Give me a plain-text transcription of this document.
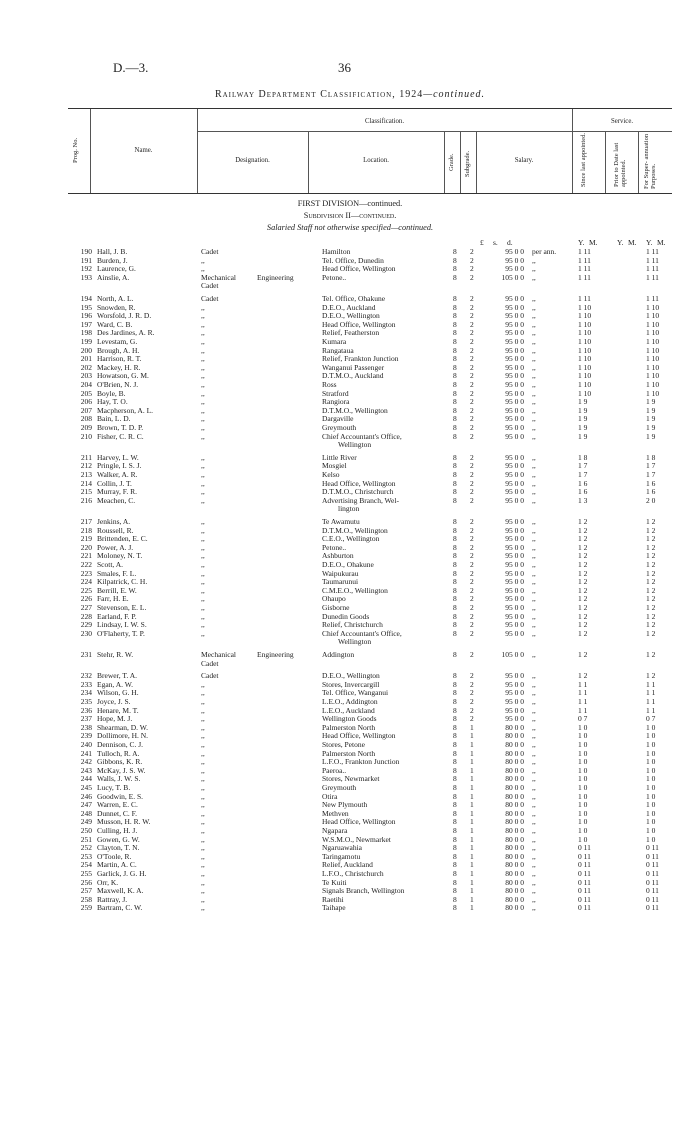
D.—3.	36
Railway Department Classification, 1924—continued.
Prog. No.	Name.
Classification.	Service.
Designation.	Location.	Grade. Subgrade.	Salary.	Since last appointed.	Prior to Date last appointed. For Super- annuation Purposes.
FIRST DIVISION—continued.
Subdivision II—continued.
Salaried Staff not otherwise specified—continued.
£ s. d.	Y. M.	Y. M. Y. M.
190 Hall, J. B.	Cadet	Hamilton	8 2	95 0 0 per ann.	1 11	1 11
191 Burden, J.	,,	Tel. Office, Dunedin	8 2	95 0 0 ,,	1 11	1 11
192 Laurence, G.	,,	Head Office, Wellington	8 2	95 0 0 ,,	1 11	1 11
193 Ainslie, A.	Mechanical	Engineering	Petone..	8 2	105 0 0 ,,	1 11	1 11
Cadet
194 North, A. L.	Cadet	Tel. Office, Ohakune	8 2	95 0 0 ,,	1 11	1 11
195 Snowden, R.	,,	D.E.O., Auckland	8 2	95 0 0 ,,	1 10	1 10
196 Worsfold, J. R. D.	,,	D.E.O., Wellington	8 2	95 0 0 ,,	1 10	1 10
197 Ward, C. B.	,,	Head Office, Wellington	8 2	95 0 0 ,,	1 10	1 10
198 Des Jardines, A. R.	,,	Relief, Featherston	8 2	95 0 0 ,,	1 10	1 10
199 Levestam, G.	,,	Kumara	8 2	95 0 0 ,,	1 10	1 10
200 Brough, A. H.	,,	Rangataua	8 2	95 0 0 ,,	1 10	1 10
201 Harrison, R. T.	,,	Relief, Frankton Junction	8 2	95 0 0 ,,	1 10	1 10
202 Mackey, H. R.	,,	Wanganui Passenger	8 2	95 0 0 ,,	1 10	1 10
203 Howatson, G. M.	,,	D.T.M.O., Auckland	8 2	95 0 0 ,,	1 10	1 10
204 O'Brien, N. J.	,,	Ross	8 2	95 0 0 ,,	1 10	1 10
205 Boyle, B.	,,	Stratford	8 2	95 0 0 ,,	1 10	1 10
206 Hay, T. O.	,,	Rangiora	8 2	95 0 0 ,,	1 9	1 9
207 Macpherson, A. L.	,,	D.T.M.O., Wellington	8 2	95 0 0 ,,	1 9	1 9
208 Bain, L. D.	,,	Dargaville	8 2	95 0 0 ,,	1 9	1 9
209 Brown, T. D. P.	,,	Greymouth	8 2	95 0 0 ,,	1 9	1 9
210 Fisher, C. R. C.	,,	Chief Accountant's Office,	8 2	95 0 0 ,,	1 9	1 9
Wellington
211 Harvey, L. W.	,,	Little River	8 2	95 0 0 ,,	1 8	1 8
212 Pringle, I. S. J.	,,	Mosgiel	8 2	95 0 0 ,,	1 7	1 7
213 Walker, A. R.	,,	Kelso	8 2	95 0 0 ,,	1 7	1 7
214 Collin, J. T.	,,	Head Office, Wellington	8 2	95 0 0 ,,	1 6	1 6
215 Murray, F. R.	,,	D.T.M.O., Christchurch	8 2	95 0 0 ,,	1 6	1 6
216 Meachen, C.	,,	Advertising Branch, Wel-	8 2	95 0 0 ,,	1 3	2 0
lington
217 Jenkins, A.	,,	Te Awamutu	8 2	95 0 0 ,,	1 2	1 2
218 Roussell, R.	,,	D.T.M.O., Wellington	8 2	95 0 0 ,,	1 2	1 2
219 Brittenden, E. C.	,,	C.E.O., Wellington	8 2	95 0 0 ,,	1 2	1 2
220 Power, A. J.	,,	Petone..	8 2	95 0 0 ,,	1 2	1 2
221 Moloney, N. T.	,,	Ashburton	8 2	95 0 0 ,,	1 2	1 2
222 Scott, A.	,,	D.E.O., Ohakune	8 2	95 0 0 ,,	1 2	1 2
223 Smales, F. L.	,,	Waipukurau	8 2	95 0 0 ,,	1 2	1 2
224 Kilpatrick, C. H.	,,	Taumarunui	8 2	95 0 0 ,,	1 2	1 2
225 Berrill, E. W.	,,	C.M.E.O., Wellington	8 2	95 0 0 ,,	1 2	1 2
226 Farr, H. E.	,,	Ohaupo	8 2	95 0 0 ,,	1 2	1 2
227 Stevenson, E. L.	,,	Gisborne	8 2	95 0 0 ,,	1 2	1 2
228 Earland, F. P.	,,	Dunedin Goods	8 2	95 0 0 ,,	1 2	1 2
229 Lindsay, I. W. S.	,,	Relief, Christchurch	8 2	95 0 0 ,,	1 2	1 2
230 O'Flaherty, T. P.	,,	Chief Accountant's Office,	8 2	95 0 0 ,,	1 2	1 2
Wellington
231 Stehr, R. W.	Mechanical	Engineering	Addington	8 2	105 0 0 ,,	1 2	1 2
Cadet
232 Brewer, T. A.	Cadet	D.E.O., Wellington	8 2	95 0 0 ,,	1 2	1 2
233 Egan, A. W.	,,	Stores, Invercargill	8 2	95 0 0 ,,	1 1	1 1
234 Wilson, G. H.	,,	Tel. Office, Wanganui	8 2	95 0 0 ,,	1 1	1 1
235 Joyce, J. S.	,,	L.E.O., Addington	8 2	95 0 0 ,,	1 1	1 1
236 Henare, M. T.	,,	L.E.O., Auckland	8 2	95 0 0 ,,	1 1	1 1
237 Hope, M. J.	,,	Wellington Goods	8 2	95 0 0 ,,	0 7	0 7
238 Shearman, D. W.	,,	Palmerston North	8 1	80 0 0 ,,	1 0	1 0
239 Dollimore, H. N.	,,	Head Office, Wellington	8 1	80 0 0 ,,	1 0	1 0
240 Dennison, C. J.	,,	Stores, Petone	8 1	80 0 0 ,,	1 0	1 0
241 Tulloch, R. A.	,,	Palmerston North	8 1	80 0 0 ,,	1 0	1 0
242 Gibbons, K. R.	,,	L.F.O., Frankton Junction	8 1	80 0 0 ,,	1 0	1 0
243 McKay, J. S. W.	,,	Paeroa..	8 1	80 0 0 ,,	1 0	1 0
244 Walls, J. W. S.	,,	Stores, Newmarket	8 1	80 0 0 ,,	1 0	1 0
245 Lucy, T. B.	,,	Greymouth	8 1	80 0 0 ,,	1 0	1 0
246 Goodwin, E. S.	,,	Otira	8 1	80 0 0 ,,	1 0	1 0
247 Warren, E. C.	,,	New Plymouth	8 1	80 0 0 ,,	1 0	1 0
248 Dunnet, C. F.	,,	Methven	8 1	80 0 0 ,,	1 0	1 0
249 Musson, H. R. W.	,,	Head Office, Wellington	8 1	80 0 0 ,,	1 0	1 0
250 Culling, H. J.	,,	Ngapara	8 1	80 0 0 ,,	1 0	1 0
251 Gowen, G. W.	,,	W.S.M.O., Newmarket	8 1	80 0 0 ,,	1 0	1 0
252 Clayton, T. N.	,,	Ngaruawahia	8 1	80 0 0 ,,	0 11	0 11
253 O'Toole, R.	,,	Taringamotu	8 1	80 0 0 ,,	0 11	0 11
254 Martin, A. C.	,,	Relief, Auckland	8 1	80 0 0 ,,	0 11	0 11
255 Garlick, J. G. H.	,,	L.F.O., Christchurch	8 1	80 0 0 ,,	0 11	0 11
256 Orr, K.	,,	Te Kuiti	8 1	80 0 0 ,,	0 11	0 11
257 Maxwell, K. A.	,,	Signals Branch, Wellington	8 1	80 0 0 ,,	0 11	0 11
258 Rattray, J.	,,	Raetihi	8 1	80 0 0 ,,	0 11	0 11
259 Bartram, C. W.	,,	Taihape	8 1	80 0 0 ,,	0 11	0 11
